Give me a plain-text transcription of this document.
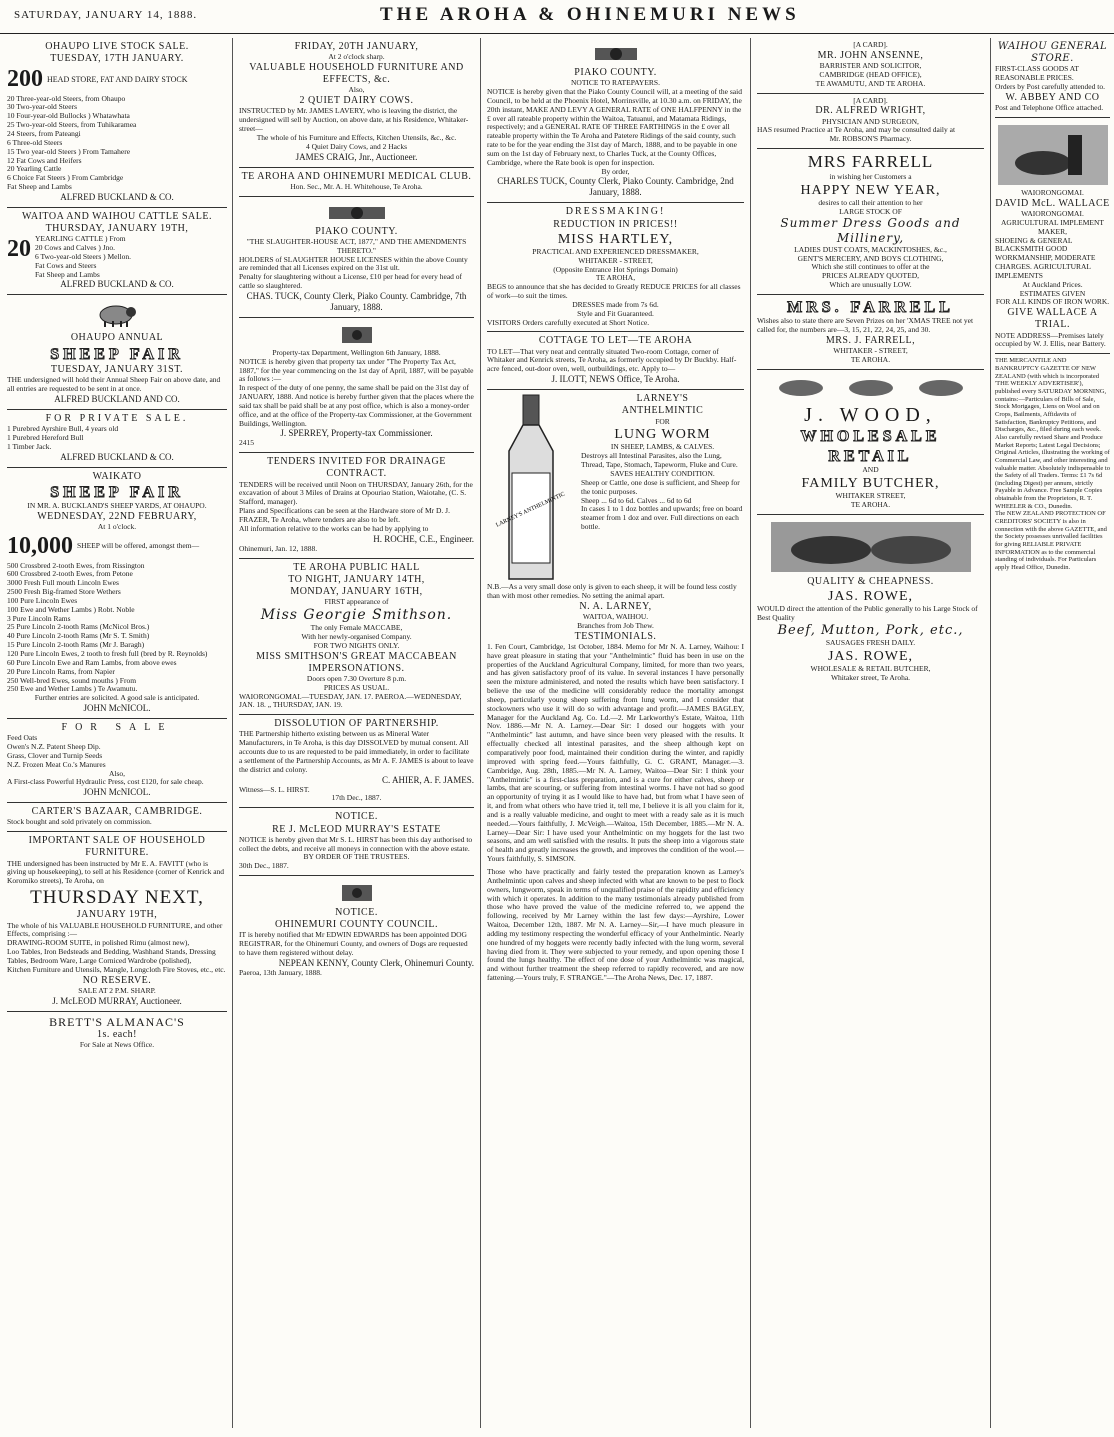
SATURDAY, JANUARY 14, 1888.	THE AROHA & OHINEMURI NEWS
OHAUPO LIVE STOCK SALE.
TUESDAY, 17TH JANUARY.
200 HEAD STORE, FAT AND DAIRY STOCK
20 Three-year-old Steers, from Ohaupo
30 Two-year-old Steers
10 Four-year-old Bullocks ) Whatawhata
25 Two-year-old Steers, from Tuhikaramea
24 Steers, from Pateangi
6 Three-old Steers
15 Two year-old Steers ) From Tamahere
12 Fat Cows and Heifers
20 Yearling Cattle
6 Choice Fat Steers ) From Cambridge
Fat Sheep and Lambs
ALFRED BUCKLAND & CO.
WAITOA AND WAIHOU CATTLE SALE.
THURSDAY, JANUARY 19TH,
20 YEARLING CATTLE ) From
20 Cows and Calves ) Jno.
6 Two-year-old Steers ) Mellon.
Fat Cows and Steers
Fat Sheep and Lambs
ALFRED BUCKLAND & CO.
OHAUPO ANNUAL
SHEEP FAIR
TUESDAY, JANUARY 31ST.
THE undersigned will hold their Annual Sheep Fair on above date, and all entries are requested to be sent in at once.
ALFRED BUCKLAND AND CO.
FOR PRIVATE SALE.
1 Purebred Ayrshire Bull, 4 years old
1 Purebred Hereford Bull
1 Timber Jack.
ALFRED BUCKLAND & CO.
WAIKATO
SHEEP FAIR
IN MR. A. BUCKLAND'S SHEEP YARDS, AT OHAUPO.
WEDNESDAY, 22ND FEBRUARY,
At 1 o'clock.
10,000 SHEEP will be offered, amongst them—
500 Crossbred 2-tooth Ewes, from Rissington
600 Crossbred 2-tooth Ewes, from Petone
3000 Fresh Full mouth Lincoln Ewes
2500 Fresh Big-framed Store Wethers
100 Pure Lincoln Ewes
100 Ewe and Wether Lambs ) Robt. Noble
3 Pure Lincoln Rams
25 Pure Lincoln 2-tooth Rams (McNicol Bros.)
40 Pure Lincoln 2-tooth Rams (Mr S. T. Smith)
15 Pure Lincoln 2-tooth Rams (Mr J. Baragh)
120 Pure Lincoln Ewes, 2 tooth to fresh full (bred by R. Reynolds)
60 Pure Lincoln Ewe and Ram Lambs, from above ewes
20 Pure Lincoln Rams, from Napier
250 Well-bred Ewes, sound mouths ) From
250 Ewe and Wether Lambs ) Te Awamutu.
Further entries are solicited. A good sale is anticipated.
JOHN McNICOL.
FOR SALE
Feed Oats
Owen's N.Z. Patent Sheep Dip.
Grass, Clover and Turnip Seeds
N.Z. Frozen Meat Co.'s Manures
Also,
A First-class Powerful Hydraulic Press, cost £120, for sale cheap.
JOHN McNICOL.
CARTER'S BAZAAR, CAMBRIDGE.
Stock bought and sold privately on commission.
IMPORTANT SALE OF HOUSEHOLD FURNITURE.
THE undersigned has been instructed by Mr E. A. FAVITT (who is giving up housekeeping), to sell at his Residence (corner of Kenrick and Koromiko streets), Te Aroha, on
THURSDAY NEXT,
JANUARY 19TH,
The whole of his VALUABLE HOUSEHOLD FURNITURE, and other Effects, comprising :—
DRAWING-ROOM SUITE, in polished Rimu (almost new),
Loo Tables, Iron Bedsteads and Bedding, Washhand Stands, Dressing Tables, Bedroom Ware, Large Corniced Wardrobe (polished),
Kitchen Furniture and Utensils, Mangle, Longcloth Fire Stoves, etc., etc.
NO RESERVE.
SALE AT 2 P.M. SHARP.
J. McLEOD MURRAY, Auctioneer.
BRETT'S ALMANAC'S
1s. each!
For Sale at News Office.
FRIDAY, 20TH JANUARY,
At 2 o'clock sharp.
VALUABLE HOUSEHOLD FURNITURE AND EFFECTS, &c.
Also,
2 QUIET DAIRY COWS.
INSTRUCTED by Mr. JAMES LAVERY, who is leaving the district, the undersigned will sell by Auction, on above date, at his Residence, Whitaker-street—
The whole of his Furniture and Effects, Kitchen Utensils, &c., &c.
4 Quiet Dairy Cows, and 2 Hacks
JAMES CRAIG, Jnr., Auctioneer.
TE AROHA AND OHINEMURI MEDICAL CLUB.
Hon. Sec., Mr. A. H. Whitehouse, Te Aroha.
PIAKO COUNTY.
"THE SLAUGHTER-HOUSE ACT, 1877," AND THE AMENDMENTS THERETO."
HOLDERS of SLAUGHTER HOUSE LICENSES within the above County are reminded that all Licenses expired on the 31st ult.
Penalty for slaughtering without a License, £10 per head for every head of cattle so slaughtered.
CHAS. TUCK, County Clerk, Piako County. Cambridge, 7th January, 1888.
Property-tax Department, Wellington 6th January, 1888.
NOTICE is hereby given that property tax under "The Property Tax Act, 1887," for the year commencing on the 1st day of April, 1887, will be payable as follows :—
In respect of the duty of one penny, the same shall be paid on the 31st day of JANUARY, 1888. And notice is hereby further given that the places where the said tax shall be paid shall be at any post office, which is also a money-order office, and at the office of the Property-tax Commissioner, at the Government Buildings, Wellington.
J. SPERREY, Property-tax Commissioner.
2415
TENDERS INVITED FOR DRAINAGE CONTRACT.
TENDERS will be received until Noon on THURSDAY, January 26th, for the excavation of about 3 Miles of Drains at Opouriao Station, Waiotahe, (C. S. Stafford, manager).
Plans and Specifications can be seen at the Hardware store of Mr D. J. FRAZER, Te Aroha, where tenders are also to be left.
All information relative to the works can be had by applying to
H. ROCHE, C.E., Engineer.
Ohinemuri, Jan. 12, 1888.
TE AROHA PUBLIC HALL
TO NIGHT, JANUARY 14TH,
MONDAY, JANUARY 16TH,
FIRST appearance of
Miss Georgie Smithson.
The only Female MACCABE,
With her newly-organised Company.
FOR TWO NIGHTS ONLY.
MISS SMITHSON'S GREAT MACCABEAN IMPERSONATIONS.
Doors open 7.30 Overture 8 p.m.
PRICES AS USUAL.
WAIORONGOMAI.—TUESDAY, JAN. 17. PAEROA.—WEDNESDAY, JAN. 18. „ THURSDAY, JAN. 19.
DISSOLUTION OF PARTNERSHIP.
THE Partnership hitherto existing between us as Mineral Water Manufacturers, in Te Aroha, is this day DISSOLVED by mutual consent. All accounts due to us are requested to be paid immediately, in order to facilitate a settlement of the Partnership Accounts, as Mr A. F. JAMES is about to leave the district and colony.
C. AHIER, A. F. JAMES.
Witness—S. L. HIRST.
17th Dec., 1887.
NOTICE.
RE J. McLEOD MURRAY'S ESTATE
NOTICE is hereby given that Mr S. L. HIRST has been this day authorised to collect the debts, and receive all moneys in connection with the above estate.
BY ORDER OF THE TRUSTEES.
30th Dec., 1887.
NOTICE.
OHINEMURI COUNTY COUNCIL.
IT is hereby notified that Mr EDWIN EDWARDS has been appointed DOG REGISTRAR, for the Ohinemuri County, and owners of Dogs are requested to have them registered without delay.
NEPEAN KENNY, County Clerk, Ohinemuri County.
Paeroa, 13th January, 1888.
PIAKO COUNTY.
NOTICE TO RATEPAYERS.
NOTICE is hereby given that the Piako County Council will, at a meeting of the said Council, to be held at the Phoenix Hotel, Morrinsville, at 10.30 a.m. on FRIDAY, the 20th instant, MAKE AND LEVY A GENERAL RATE of ONE HALFPENNY in the £ over all rateable property within the Waitoa, Tatuanui, and Matamata Ridings, respectively; and a GENERAL RATE OF THREE FARTHINGS in the £ over all rateable property within the Te Aroha and Patetere Ridings of the said county, such rate to be for the year ending the 31st day of March, 1888, and to be payable in one sum on the 1st day of February next, to Charles Tuck, at the County Offices, Cambridge, where the Rate book is open for inspection.
By order,
CHARLES TUCK, County Clerk, Piako County. Cambridge, 2nd January, 1888.
DRESSMAKING!
REDUCTION IN PRICES!!
MISS HARTLEY,
PRACTICAL AND EXPERIENCED DRESSMAKER,
WHITAKER - STREET,
(Opposite Entrance Hot Springs Domain)
TE AROHA,
BEGS to announce that she has decided to Greatly REDUCE PRICES for all classes of work—to suit the times.
DRESSES made from 7s 6d.
Style and Fit Guaranteed.
VISITORS Orders carefully executed at Short Notice.
COTTAGE TO LET—TE AROHA
TO LET—That very neat and centrally situated Two-room Cottage, corner of Whitaker and Kenrick streets, Te Aroha, as formerly occupied by Dr Buckby. Half-acre fenced, out-door oven, well, outbuildings, etc. Apply to—
J. ILOTT, NEWS Office, Te Aroha.
LARNEY'S ANTHELMINTIC
LARNEY'S
ANTHELMINTIC
FOR
LUNG WORM
IN SHEEP, LAMBS, & CALVES.
Destroys all Intestinal Parasites, also the Lung, Thread, Tape, Stomach, Tapeworm, Fluke and Cure.
SAVES HEALTHY CONDITION.
Sheep or Cattle, one dose is sufficient, and Sheep for the tonic purposes.
Sheep ... 6d to 6d. Calves ... 6d to 6d
In cases 1 to 1 doz bottles and upwards; free on board steamer from 1 doz and over. Full directions on each bottle.
N.B.—As a very small dose only is given to each sheep, it will be found less costly than with most other remedies. No setting the animal apart.
N. A. LARNEY,
WAITOA, WAIHOU.
Branches from Job Thew.
TESTIMONIALS.
1. Fen Court, Cambridge, 1st October, 1884. Memo for Mr N. A. Larney, Waihou: I have great pleasure in stating that your "Anthelmintic" fluid has been in use on the properties of the Auckland Agricultural Company, limited, for more than two years, and has given satisfactory proof of its value. In several instances I have personally seen the mixture administered, and noted the results which have been satisfactory. I believe the use of the medicine will considerably reduce the mortality amongst sheep, particularly young sheep suffering from lung worm, and I consider that stockowners who use it will do so with advantage and profit.—JAMES BAGLEY, Manager for the Auckland Ag. Co. Ld.—2. Mr Larkworthy's Estate, Waitoa, 11th Nov. 1886.—Mr N. A. Larney.—Dear Sir: I dosed our hoggets with your "Anthelmintic" last autumn, and have since been very pleased with the results. It effectually checked all intestinal parasites, and the sheep although kept on comparatively poor food, maintained their condition during the winter, and rapidly improved with spring feed.—Yours faithfully, G. C. GRANT, Manager.—3. Cambridge, Aug. 28th, 1885.—Mr N. A. Larney, Waitoa—Dear Sir: I think your "Anthelmintic" is a first-class preparation, and is a cure for either calves, sheep or lambs, that are scouring, or suffering from intestinal worms. I have not had so good an opportunity of trying it as I would like to have had, but from what I have seen of it, and from what others who have tried it, tell me, I believe it is all you claim for it, and is a really valuable medicine, and ought to meet with a ready sale as it is much needed.—Yours faithfully, J. McVeigh.—Waitoa, 15th December, 1885.—Mr N. A. Larney—Dear Sir: I have used your Anthelmintic on my hoggets for the last two seasons, and am well satisfied with the results. It puts the sheep into a vigorous state of health and greatly increases the growth, and improves the condition of the wool.—Yours faithfully, S. SIMSON.
Those who have practically and fairly tested the preparation known as Larney's Anthelmintic upon calves and sheep infected with what are known to be pest to flock owners, lungworm, speak in terms of unqualified praise of the rapidity and efficiency with which it operates. In addition to the many testimonials already published from those who have proved the value of the medicine referred to, we append the following, received by Mr Larney within the last few days:—Ayrshire, Lower Waitoa, December 12th, 1887. Mr N. A. Larney—Sir,—I have much pleasure in adding my testimony respecting the wonderful efficacy of your Anthelmintic. Nearly one hundred of my hoggets were recently badly infected with the lung worm, several having died from it. They were subjected to your remedy, and upon opening those I found the lungs healthy. The effect of one dose of your Anthelmintic was magical, and without further treatment the sheep referred to rapidly recovered, and are now fattening.—Yours truly, F. STRANGE."—The Aroha News, Dec. 17, 1887.
[A CARD].
MR. JOHN ANSENNE,
BARRISTER AND SOLICITOR,
CAMBRIDGE (HEAD OFFICE),
TE AWAMUTU, AND TE AROHA.
[A CARD].
DR. ALFRED WRIGHT,
PHYSICIAN AND SURGEON,
HAS resumed Practice at Te Aroha, and may be consulted daily at
Mr. ROBSON'S Pharmacy.
MRS FARRELL
in wishing her Customers a
HAPPY NEW YEAR,
desires to call their attention to her
LARGE STOCK OF
Summer Dress Goods and Millinery,
LADIES DUST COATS, MACKINTOSHES, &c.,
GENT'S MERCERY, AND BOYS CLOTHING,
Which she still continues to offer at the
PRICES ALREADY QUOTED,
Which are unusually LOW.
MRS. FARRELL
Wishes also to state there are Seven Prizes on her 'XMAS TREE not yet called for, the numbers are—3, 15, 21, 22, 24, 25, and 30.
MRS. J. FARRELL,
WHITAKER - STREET,
TE AROHA.
J. WOOD,
WHOLESALE
RETAIL
AND
FAMILY BUTCHER,
WHITAKER STREET,
TE AROHA.
QUALITY & CHEAPNESS.
JAS. ROWE,
WOULD direct the attention of the Public generally to his Large Stock of Best Quality
Beef, Mutton, Pork, etc.,
SAUSAGES FRESH DAILY.
JAS. ROWE,
WHOLESALE & RETAIL BUTCHER,
Whitaker street, Te Aroha.
WAIHOU GENERAL STORE.
FIRST-CLASS GOODS AT REASONABLE PRICES.
Orders by Post carefully attended to.
W. ABBEY AND CO
Post and Telephone Office attached.
WAIORONGOMAI.
DAVID McL. WALLACE
WAIORONGOMAI.
AGRICULTURAL IMPLEMENT MAKER,
SHOEING & GENERAL BLACKSMITH GOOD WORKMANSHIP, MODERATE CHARGES. AGRICULTURAL IMPLEMENTS
At Auckland Prices.
ESTIMATES GIVEN
FOR ALL KINDS OF IRON WORK.
GIVE WALLACE A TRIAL.
NOTE ADDRESS—Premises lately occupied by W. J. Ellis, near Battery.
THE MERCANTILE AND BANKRUPTCY GAZETTE OF NEW ZEALAND (with which is incorporated 'THE WEEKLY ADVERTISER'), published every SATURDAY MORNING, contains:—Particulars of Bills of Sale, Stock Mortgages, Liens on Wool and on Crops, Bailments, Affidavits of Satisfaction, Bankruptcy Petitions, and Discharges, &c., filed during each week. Also carefully revised Share and Produce Market Reports; Latest Legal Decisions; Original Articles, illustrating the working of Commercial Law, and other interesting and valuable matter. Absolutely indispensable to the Safety of all Traders. Terms: £1 7s 6d (including Digest) per annum, strictly Payable in Advance. Free Sample Copies obtainable from the Proprietors, R. T. WHEELER & CO., Dunedin.
The NEW ZEALAND PROTECTION OF CREDITORS' SOCIETY is also in connection with the above GAZETTE, and the Society possesses unrivalled facilities for giving RELIABLE PRIVATE INFORMATION as to the commercial standing of individuals. For Particulars apply Head Office, Dunedin.
